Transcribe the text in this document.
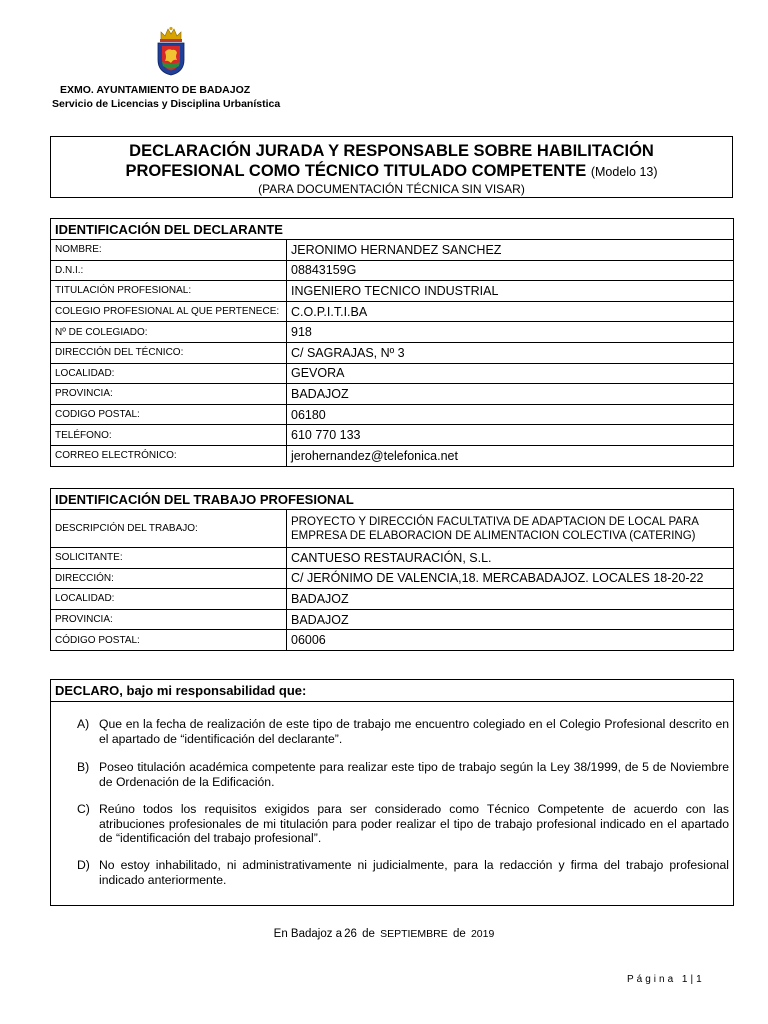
EXMO. AYUNTAMIENTO DE BADAJOZ
Servicio de Licencias y Disciplina Urbanística
DECLARACIÓN JURADA Y RESPONSABLE SOBRE HABILITACIÓN
PROFESIONAL COMO TÉCNICO TITULADO COMPETENTE (Modelo 13)
(PARA DOCUMENTACIÓN TÉCNICA SIN VISAR)
IDENTIFICACIÓN DEL DECLARANTE	
NOMBRE:	JERONIMO HERNANDEZ SANCHEZ
D.N.I.:	08843159G
TITULACIÓN PROFESIONAL:	INGENIERO TECNICO INDUSTRIAL
COLEGIO PROFESIONAL AL QUE PERTENECE:	C.O.P.I.T.I.BA
Nº DE COLEGIADO:	918
DIRECCIÓN DEL TÉCNICO:	C/ SAGRAJAS, Nº 3
LOCALIDAD:	GEVORA
PROVINCIA:	BADAJOZ
CODIGO POSTAL:	06180
TELÉFONO:	610 770 133
CORREO ELECTRÓNICO:	jerohernandez@telefonica.net
IDENTIFICACIÓN DEL TRABAJO PROFESIONAL	
DESCRIPCIÓN DEL TRABAJO:	PROYECTO Y DIRECCIÓN FACULTATIVA DE ADAPTACION DE LOCAL PARA
EMPRESA DE ELABORACION DE ALIMENTACION COLECTIVA (CATERING)

SOLICITANTE:	CANTUESO RESTAURACIÓN, S.L.
DIRECCIÓN:	C/ JERÓNIMO DE VALENCIA,18. MERCABADAJOZ. LOCALES 18-20-22
LOCALIDAD:	BADAJOZ
PROVINCIA:	BADAJOZ
CÓDIGO POSTAL:	06006
DECLARO, bajo mi responsabilidad que:
A) Que en la fecha de realización de este tipo de trabajo me encuentro colegiado en el Colegio Profesional descrito en el apartado de “identificación del declarante”.
B) Poseo titulación académica competente para realizar este tipo de trabajo según la Ley 38/1999, de 5 de Noviembre de Ordenación de la Edificación.
C) Reúno todos los requisitos exigidos para ser considerado como Técnico Competente de acuerdo con las atribuciones profesionales de mi titulación para poder realizar el tipo de trabajo profesional indicado en el apartado de “identificación del trabajo profesional”.
D) No estoy inhabilitado, ni administrativamente ni judicialmente, para la redacción y firma del trabajo profesional indicado anteriormente.
En Badajoz a 26 de SEPTIEMBRE de 2019
Página 1|1
